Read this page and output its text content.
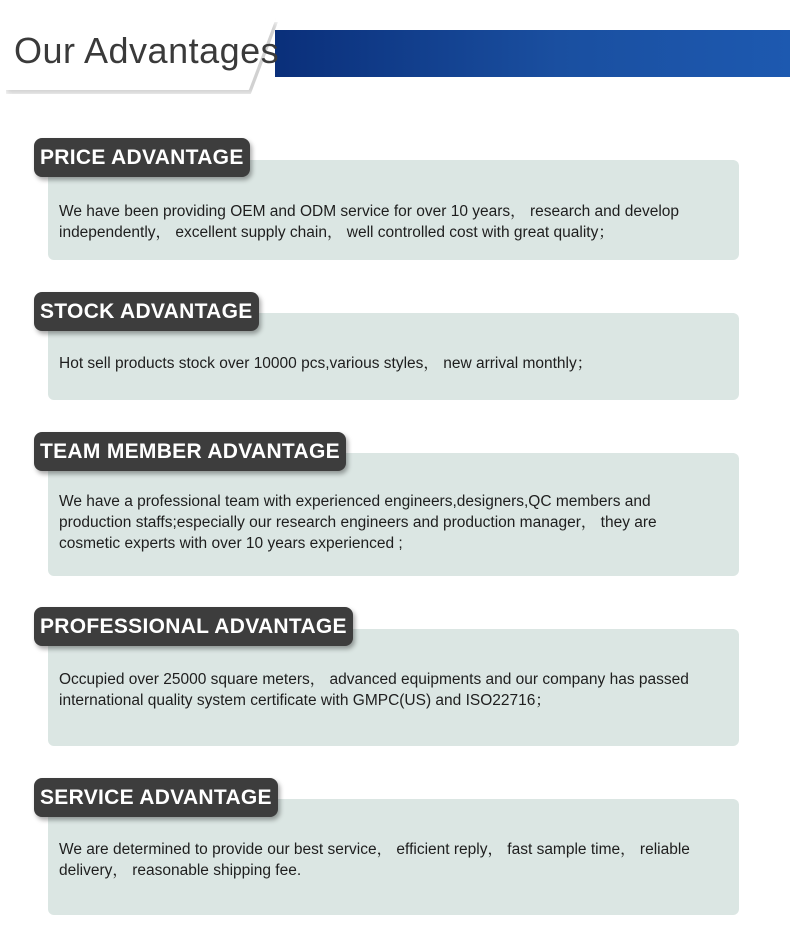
Our Advantages
We have been providing OEM and ODM service for over 10 years， research and develop independently， excellent supply chain， well controlled cost with great quality；
PRICE ADVANTAGE
Hot sell products stock over 10000 pcs,various styles， new arrival monthly；
STOCK ADVANTAGE
We have a professional team with experienced engineers,designers,QC members and production staffs;especially our research engineers and production manager， they are cosmetic experts with over 10 years experienced ;
TEAM MEMBER ADVANTAGE
Occupied over 25000 square meters， advanced equipments and our company has passed international quality system certificate with GMPC(US) and ISO22716；
PROFESSIONAL ADVANTAGE
We are determined to provide our best service， efficient reply， fast sample time， reliable delivery， reasonable shipping fee.
SERVICE ADVANTAGE
